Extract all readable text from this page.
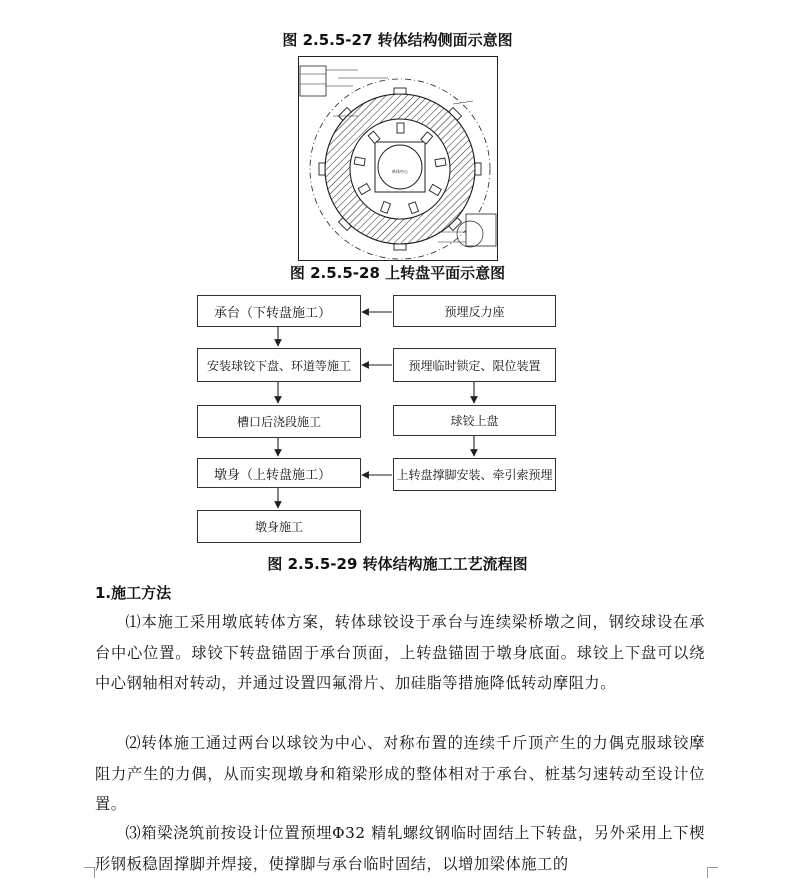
图 2.5.5-27 转体结构侧面示意图
转体中心
图 2.5.5-28 上转盘平面示意图
承台（下转盘施工）
安装球铰下盘、环道等施工
槽口后浇段施工
墩身（上转盘施工）
墩身施工
预埋反力座
预埋临时锁定、限位装置
球铰上盘
上转盘撑脚安装、牵引索预埋
图 2.5.5-29 转体结构施工工艺流程图
1.施工方法
⑴本施工采用墩底转体方案，转体球铰设于承台与连续梁桥墩之间，钢绞球设在承台中心位置。球铰下转盘锚固于承台顶面，上转盘锚固于墩身底面。球铰上下盘可以绕中心钢轴相对转动，并通过设置四氟滑片、加硅脂等措施降低转动摩阻力。
⑵转体施工通过两台以球铰为中心、对称布置的连续千斤顶产生的力偶克服球铰摩阻力产生的力偶，从而实现墩身和箱梁形成的整体相对于承台、桩基匀速转动至设计位置。
⑶箱梁浇筑前按设计位置预埋Φ32 精轧螺纹钢临时固结上下转盘，另外采用上下楔形钢板稳固撑脚并焊接，使撑脚与承台临时固结，以增加梁体施工的
